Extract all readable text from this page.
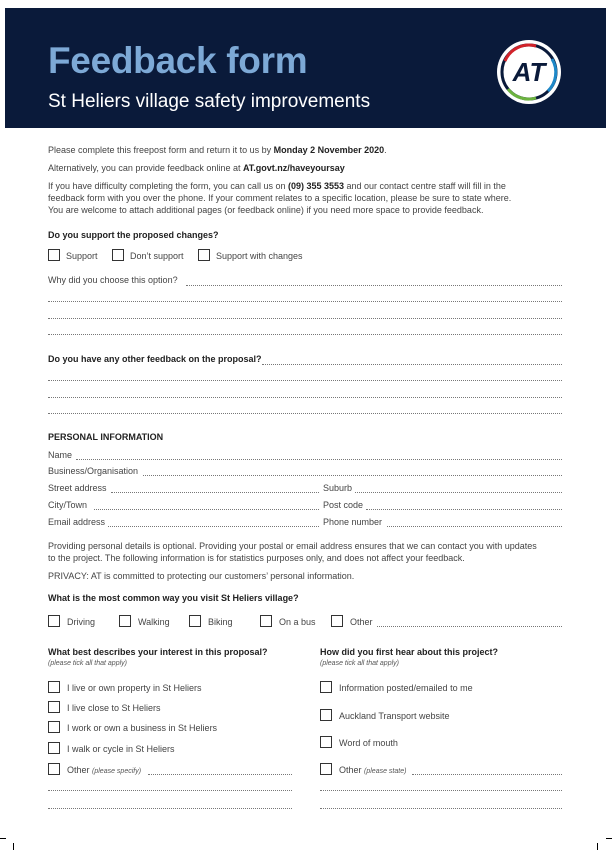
Feedback form
St Heliers village safety improvements
AT
Please complete this freepost form and return it to us by Monday 2 November 2020.
Alternatively, you can provide feedback online at AT.govt.nz/haveyoursay
If you have difficulty completing the form, you can call us on (09) 355 3553 and our contact centre staff will fill in the
feedback form with you over the phone. If your comment relates to a specific location, please be sure to state where.
You are welcome to attach additional pages (or feedback online) if you need more space to provide feedback.
Do you support the proposed changes?
Support	Don’t support	Support with changes
Why did you choose this option?
Do you have any other feedback on the proposal?
PERSONAL INFORMATION
Name
Business/Organisation
Street address	Suburb
City/Town	Post code
Email address	Phone number
Providing personal details is optional. Providing your postal or email address ensures that we can contact you with updates
to the project. The following information is for statistics purposes only, and does not affect your feedback.
PRIVACY: AT is committed to protecting our customers’ personal information.
What is the most common way you visit St Heliers village?
Driving	Walking	Biking	On a bus	Other
What best describes your interest in this proposal?
(please tick all that apply)
I live or own property in St Heliers
I live close to St Heliers
I work or own a business in St Heliers
I walk or cycle in St Heliers
Other (please specify)
How did you first hear about this project?
(please tick all that apply)
Information posted/emailed to me
Auckland Transport website
Word of mouth
Other (please state)
